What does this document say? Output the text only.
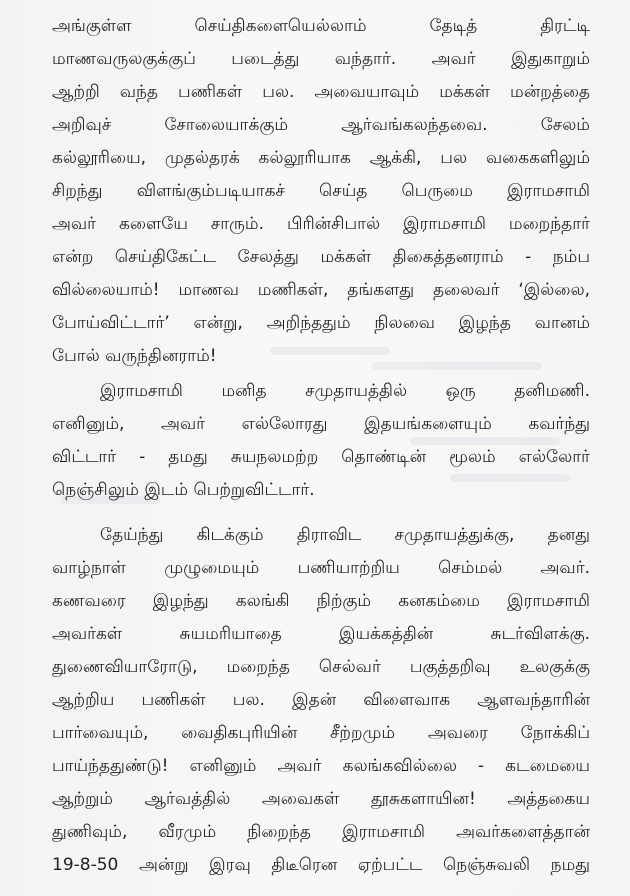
அங்குள்ள செய்திகளையெல்லாம் தேடித் திரட்டி
மாணவருலகுக்குப் படைத்து வந்தார். அவர் இதுகாறும்
ஆற்றி வந்த பணிகள் பல. அவையாவும் மக்கள் மன்றத்தை
அறிவுச் சோலையாக்கும் ஆர்வங்கலந்தவை. சேலம்
கல்லூரியை, முதல்தரக் கல்லூரியாக ஆக்கி, பல வகைகளிலும்
சிறந்து விளங்கும்படியாகச் செய்த பெருமை இராமசாமி
அவர் களையே சாரும். பிரின்சிபால் இராமசாமி மறைந்தார்
என்ற செய்திகேட்ட சேலத்து மக்கள் திகைத்தனராம் - நம்ப
வில்லையாம்! மாணவ மணிகள், தங்களது தலைவர் ‘இல்லை,
போய்விட்டார்’ என்று, அறிந்ததும் நிலவை இழந்த வானம்
போல் வருந்தினராம்!
இராமசாமி மனித சமுதாயத்தில் ஒரு தனிமணி.
எனினும், அவர் எல்லோரது இதயங்களையும் கவர்ந்து
விட்டார் - தமது சுயநலமற்ற தொண்டின் மூலம் எல்லோர்
நெஞ்சிலும் இடம் பெற்றுவிட்டார்.
தேய்ந்து கிடக்கும் திராவிட சமுதாயத்துக்கு, தனது
வாழ்நாள் முழுமையும் பணியாற்றிய செம்மல் அவர்.
கணவரை இழந்து கலங்கி நிற்கும் கனகம்மை இராமசாமி
அவர்கள் சுயமரியாதை இயக்கத்தின் சுடர்விளக்கு.
துணைவியாரோடு, மறைந்த செல்வர் பகுத்தறிவு உலகுக்கு
ஆற்றிய பணிகள் பல. இதன் விளைவாக ஆளவந்தாரின்
பார்வையும், வைதிகபுரியின் சீற்றமும் அவரை நோக்கிப்
பாய்ந்ததுண்டு! எனினும் அவர் கலங்கவில்லை - கடமையை
ஆற்றும் ஆர்வத்தில் அவைகள் தூசுகளாயின! அத்தகைய
துணிவும், வீரமும் நிறைந்த இராமசாமி அவர்களைத்தான்
19-8-50 அன்று இரவு திடீரென ஏற்பட்ட நெஞ்சுவலி நமது
